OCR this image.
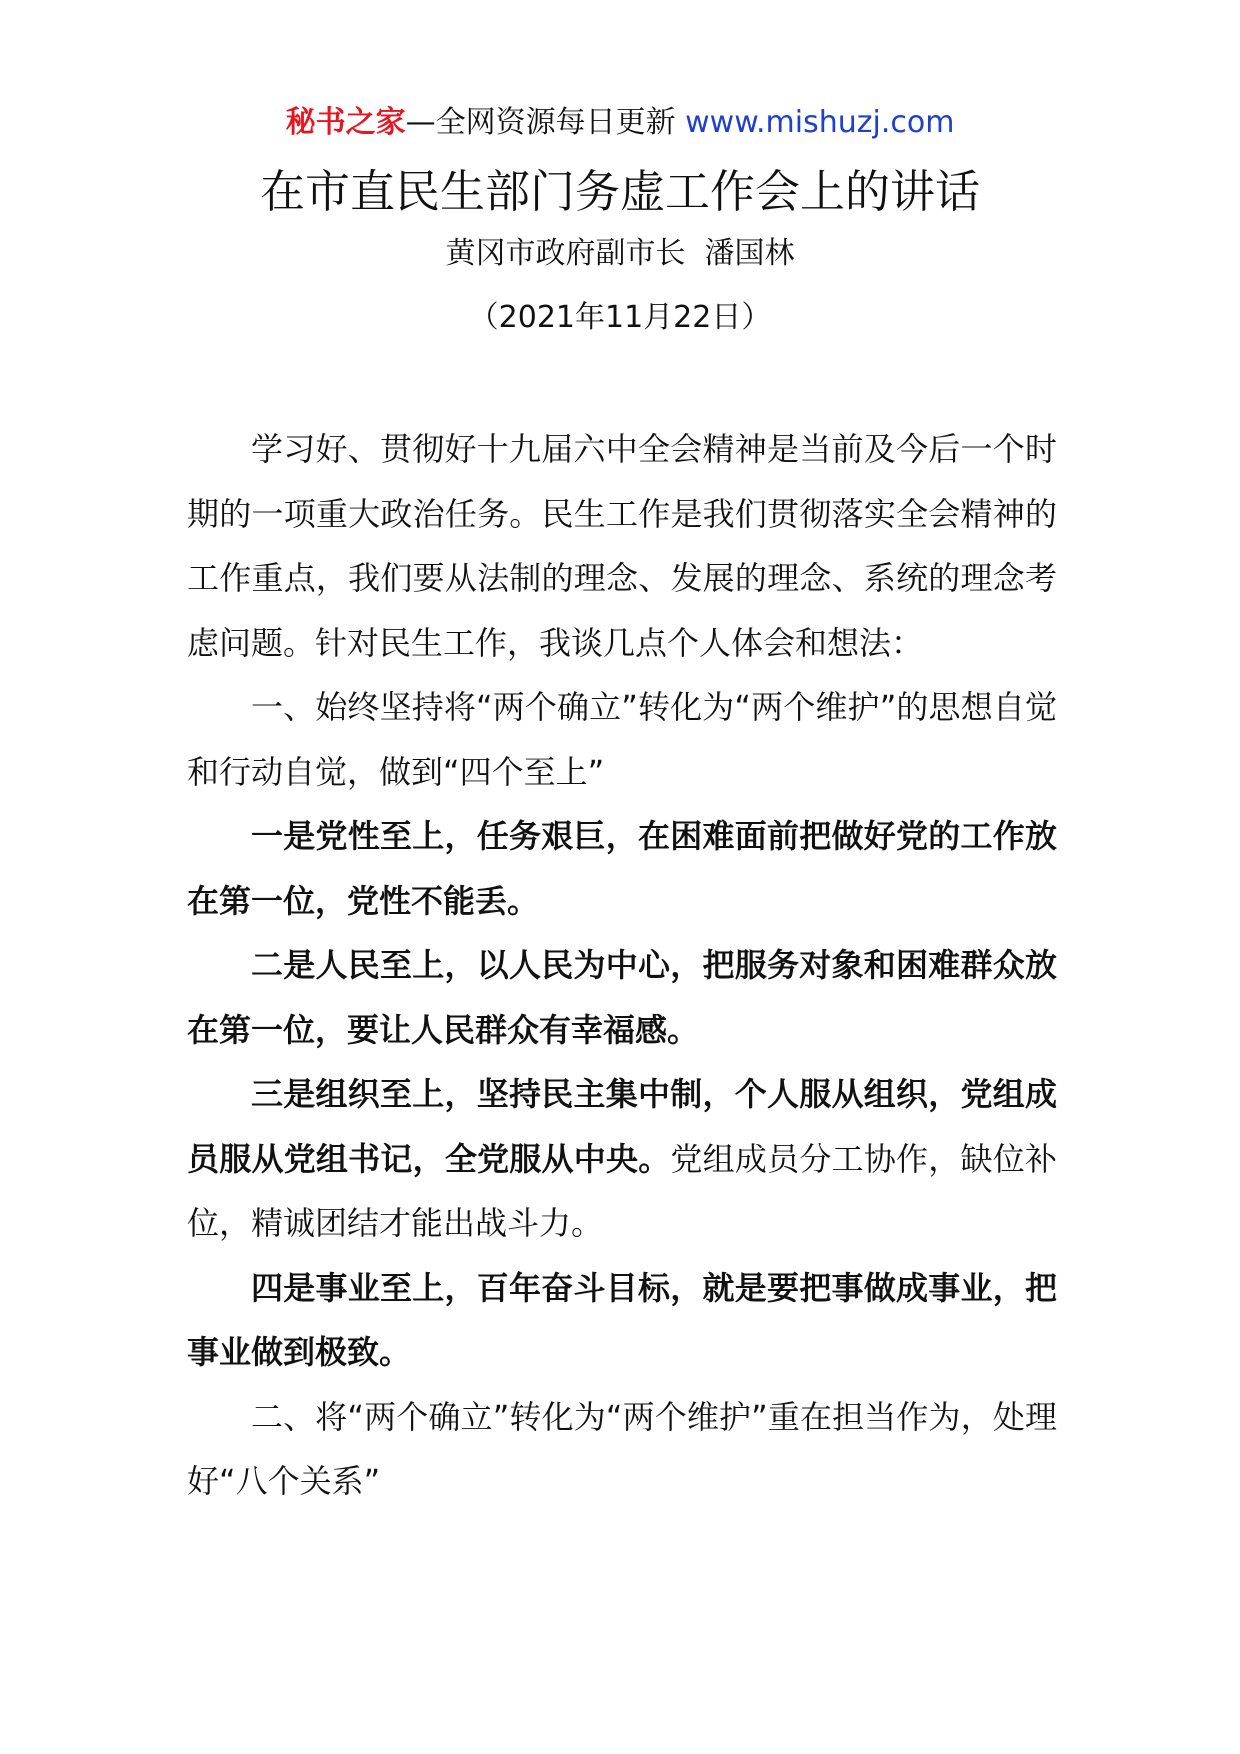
秘书之家—全网资源每日更新 www.mishuzj.com
在市直民生部门务虚工作会上的讲话
黄冈市政府副市长  潘国林
（2021年11月22日）

学习好、贯彻好十九届六中全会精神是当前及今后一个时期的一项重大政治任务。民生工作是我们贯彻落实全会精神的工作重点，我们要从法制的理念、发展的理念、系统的理念考虑问题。针对民生工作，我谈几点个人体会和想法：

一、始终坚持将“两个确立”转化为“两个维护”的思想自觉和行动自觉，做到“四个至上”

一是党性至上，任务艰巨，在困难面前把做好党的工作放在第一位，党性不能丢。

二是人民至上，以人民为中心，把服务对象和困难群众放在第一位，要让人民群众有幸福感。

三是组织至上，坚持民主集中制，个人服从组织，党组成员服从党组书记，全党服从中央。党组成员分工协作，缺位补位，精诚团结才能出战斗力。

四是事业至上，百年奋斗目标，就是要把事做成事业，把事业做到极致。

二、将“两个确立”转化为“两个维护”重在担当作为，处理好“八个关系”
